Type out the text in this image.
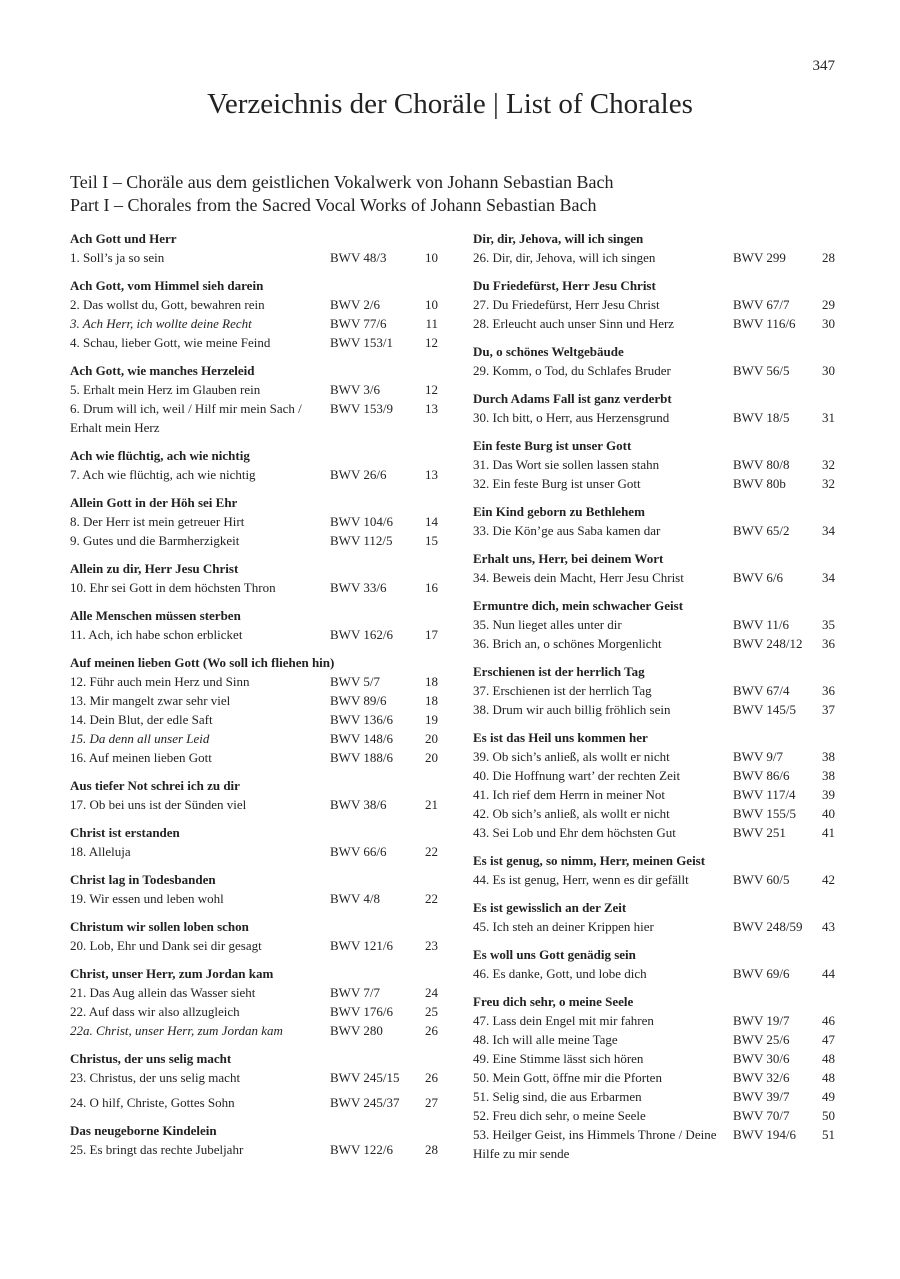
347
Verzeichnis der Choräle | List of Chorales
Teil I – Choräle aus dem geistlichen Vokalwerk von Johann Sebastian Bach
Part I – Chorales from the Sacred Vocal Works of Johann Sebastian Bach
Ach Gott und Herr
1. Soll’s ja so sein	BWV 48/3	10
Ach Gott, vom Himmel sieh darein
2. Das wollst du, Gott, bewahren rein	BWV 2/6	10
3. Ach Herr, ich wollte deine Recht	BWV 77/6	11
4. Schau, lieber Gott, wie meine Feind	BWV 153/1	12
Ach Gott, wie manches Herzeleid
5. Erhalt mein Herz im Glauben rein	BWV 3/6	12
6. Drum will ich, weil / Hilf mir mein Sach / Erhalt mein Herz
BWV 153/9	13
Ach wie flüchtig, ach wie nichtig
7. Ach wie flüchtig, ach wie nichtig	BWV 26/6	13
Allein Gott in der Höh sei Ehr
8. Der Herr ist mein getreuer Hirt	BWV 104/6	14
9. Gutes und die Barmherzigkeit	BWV 112/5	15
Allein zu dir, Herr Jesu Christ
10. Ehr sei Gott in dem höchsten Thron	BWV 33/6	16
Alle Menschen müssen sterben
11. Ach, ich habe schon erblicket	BWV 162/6	17
Auf meinen lieben Gott (Wo soll ich fliehen hin)
12. Führ auch mein Herz und Sinn	BWV 5/7	18
13. Mir mangelt zwar sehr viel	BWV 89/6	18
14. Dein Blut, der edle Saft	BWV 136/6	19
15. Da denn all unser Leid	BWV 148/6	20
16. Auf meinen lieben Gott	BWV 188/6	20
Aus tiefer Not schrei ich zu dir
17. Ob bei uns ist der Sünden viel	BWV 38/6	21
Christ ist erstanden
18. Alleluja	BWV 66/6	22
Christ lag in Todesbanden
19. Wir essen und leben wohl	BWV 4/8	22
Christum wir sollen loben schon
20. Lob, Ehr und Dank sei dir gesagt	BWV 121/6	23
Christ, unser Herr, zum Jordan kam
21. Das Aug allein das Wasser sieht	BWV 7/7	24
22. Auf dass wir also allzugleich	BWV 176/6	25
22a. Christ, unser Herr, zum Jordan kam	BWV 280	26
Christus, der uns selig macht
23. Christus, der uns selig macht	BWV 245/15	26
24. O hilf, Christe, Gottes Sohn	BWV 245/37	27
Das neugeborne Kindelein
25. Es bringt das rechte Jubeljahr	BWV 122/6	28
Dir, dir, Jehova, will ich singen
26. Dir, dir, Jehova, will ich singen	BWV 299	28
Du Friedefürst, Herr Jesu Christ
27. Du Friedefürst, Herr Jesu Christ	BWV 67/7	29
28. Erleucht auch unser Sinn und Herz	BWV 116/6	30
Du, o schönes Weltgebäude
29. Komm, o Tod, du Schlafes Bruder	BWV 56/5	30
Durch Adams Fall ist ganz verderbt
30. Ich bitt, o Herr, aus Herzensgrund	BWV 18/5	31
Ein feste Burg ist unser Gott
31. Das Wort sie sollen lassen stahn	BWV 80/8	32
32. Ein feste Burg ist unser Gott	BWV 80b	32
Ein Kind geborn zu Bethlehem
33. Die Kön’ge aus Saba kamen dar	BWV 65/2	34
Erhalt uns, Herr, bei deinem Wort
34. Beweis dein Macht, Herr Jesu Christ	BWV 6/6	34
Ermuntre dich, mein schwacher Geist
35. Nun lieget alles unter dir	BWV 11/6	35
36. Brich an, o schönes Morgenlicht	BWV 248/12	36
Erschienen ist der herrlich Tag
37. Erschienen ist der herrlich Tag	BWV 67/4	36
38. Drum wir auch billig fröhlich sein	BWV 145/5	37
Es ist das Heil uns kommen her
39. Ob sich’s anließ, als wollt er nicht	BWV 9/7	38
40. Die Hoffnung wart’ der rechten Zeit	BWV 86/6	38
41. Ich rief dem Herrn in meiner Not	BWV 117/4	39
42. Ob sich’s anließ, als wollt er nicht	BWV 155/5	40
43. Sei Lob und Ehr dem höchsten Gut	BWV 251	41
Es ist genug, so nimm, Herr, meinen Geist
44. Es ist genug, Herr, wenn es dir gefällt	BWV 60/5	42
Es ist gewisslich an der Zeit
45. Ich steh an deiner Krippen hier	BWV 248/59	43
Es woll uns Gott genädig sein
46. Es danke, Gott, und lobe dich	BWV 69/6	44
Freu dich sehr, o meine Seele
47. Lass dein Engel mit mir fahren	BWV 19/7	46
48. Ich will alle meine Tage	BWV 25/6	47
49. Eine Stimme lässt sich hören	BWV 30/6	48
50. Mein Gott, öffne mir die Pforten	BWV 32/6	48
51. Selig sind, die aus Erbarmen	BWV 39/7	49
52. Freu dich sehr, o meine Seele	BWV 70/7	50
53. Heilger Geist, ins Himmels Throne / Deine Hilfe zu mir sende
BWV 194/6	51
